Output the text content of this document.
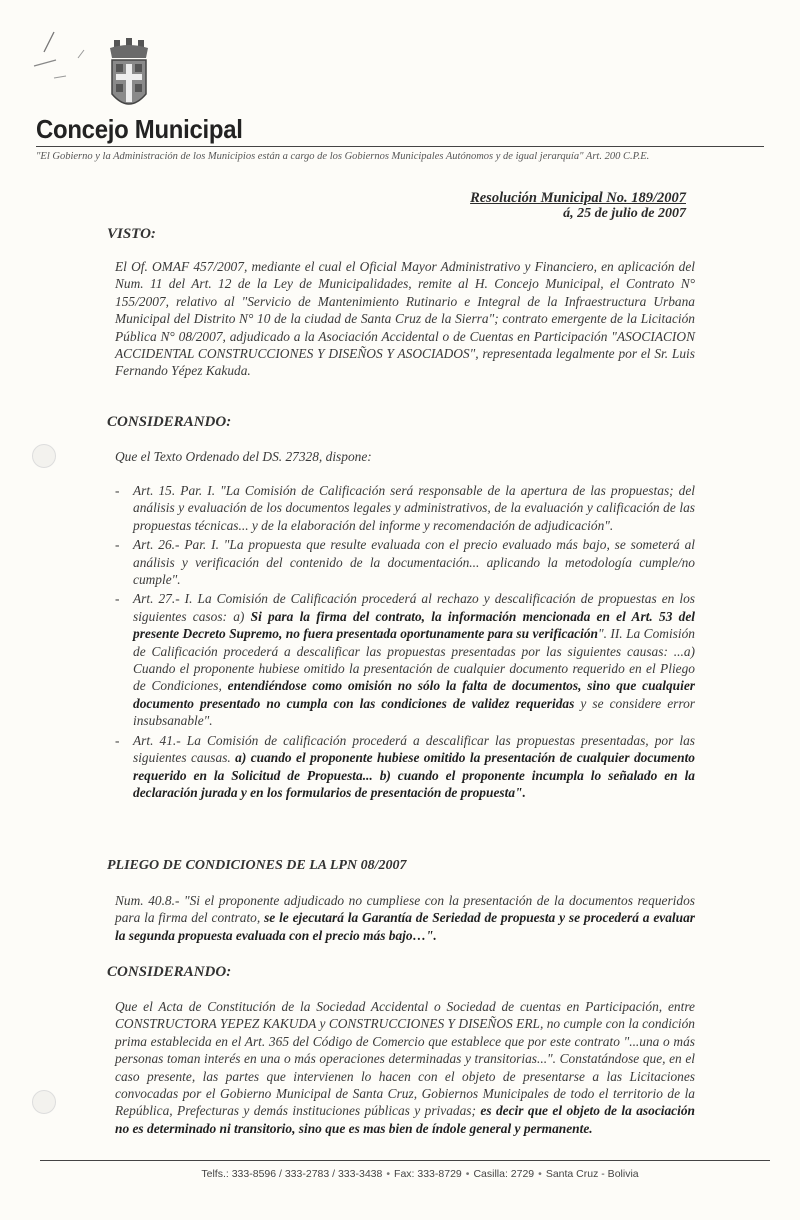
Concejo Municipal
"El Gobierno y la Administración de los Municipios están a cargo de los Gobiernos Municipales Autónomos y de igual jerarquía" Art. 200 C.P.E.
Resolución Municipal No. 189/2007
á, 25 de julio de 2007
VISTO:
El Of. OMAF 457/2007, mediante el cual el Oficial Mayor Administrativo y Financiero, en aplicación del Num. 11 del Art. 12 de la Ley de Municipalidades, remite al H. Concejo Municipal, el Contrato N° 155/2007, relativo al "Servicio de Mantenimiento Rutinario e Integral de la Infraestructura Urbana Municipal del Distrito N° 10 de la ciudad de Santa Cruz de la Sierra"; contrato emergente de la Licitación Pública N° 08/2007, adjudicado a la Asociación Accidental o de Cuentas en Participación "ASOCIACION ACCIDENTAL CONSTRUCCIONES Y DISEÑOS Y ASOCIADOS", representada legalmente por el Sr. Luis Fernando Yépez Kakuda.
CONSIDERANDO:
Que el Texto Ordenado del DS. 27328, dispone:
- Art. 15. Par. I. "La Comisión de Calificación será responsable de la apertura de las propuestas; del análisis y evaluación de los documentos legales y administrativos, de la evaluación y calificación de las propuestas técnicas... y de la elaboración del informe y recomendación de adjudicación".
- Art. 26.- Par. I. "La propuesta que resulte evaluada con el precio evaluado más bajo, se someterá al análisis y verificación del contenido de la documentación... aplicando la metodología cumple/no cumple".
- Art. 27.- I. La Comisión de Calificación procederá al rechazo y descalificación de propuestas en los siguientes casos: a) Si para la firma del contrato, la información mencionada en el Art. 53 del presente Decreto Supremo, no fuera presentada oportunamente para su verificación". II. La Comisión de Calificación procederá a descalificar las propuestas presentadas por las siguientes causas: ...a) Cuando el proponente hubiese omitido la presentación de cualquier documento requerido en el Pliego de Condiciones, entendiéndose como omisión no sólo la falta de documentos, sino que cualquier documento presentado no cumpla con las condiciones de validez requeridas y se considere error insubsanable".
- Art. 41.- La Comisión de calificación procederá a descalificar las propuestas presentadas, por las siguientes causas. a) cuando el proponente hubiese omitido la presentación de cualquier documento requerido en la Solicitud de Propuesta... b) cuando el proponente incumpla lo señalado en la declaración jurada y en los formularios de presentación de propuesta".
PLIEGO DE CONDICIONES DE LA LPN 08/2007
Num. 40.8.- "Si el proponente adjudicado no cumpliese con la presentación de la documentos requeridos para la firma del contrato, se le ejecutará la Garantía de Seriedad de propuesta y se procederá a evaluar la segunda propuesta evaluada con el precio más bajo…".
CONSIDERANDO:
Que el Acta de Constitución de la Sociedad Accidental o Sociedad de cuentas en Participación, entre CONSTRUCTORA YEPEZ KAKUDA y CONSTRUCCIONES Y DISEÑOS ERL, no cumple con la condición prima establecida en el Art. 365 del Código de Comercio que establece que por este contrato "...una o más personas toman interés en una o más operaciones determinadas y transitorias...". Constatándose que, en el caso presente, las partes que intervienen lo hacen con el objeto de presentarse a las Licitaciones convocadas por el Gobierno Municipal de Santa Cruz, Gobiernos Municipales de todo el territorio de la República, Prefecturas y demás instituciones públicas y privadas; es decir que el objeto de la asociación no es determinado ni transitorio, sino que es mas bien de índole general y permanente.
Telfs.: 333-8596 / 333-2783 / 333-3438 • Fax: 333-8729 • Casilla: 2729 • Santa Cruz - Bolivia
